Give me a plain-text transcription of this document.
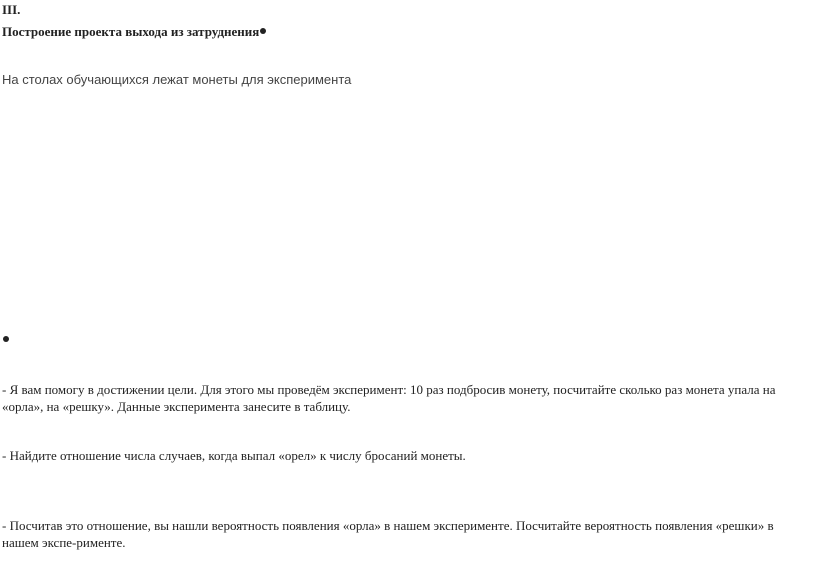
III.
Построение проекта выхода из затруднения
На столах обучающихся лежат монеты для эксперимента
- Я вам помогу в достижении цели. Для этого мы проведём эксперимент: 10 раз подбросив монету, посчитайте сколько раз монета упала на «орла», на «решку». Данные эксперимента занесите в таблицу.
- Найдите отношение числа случаев, когда выпал «орел» к числу бросаний монеты.
- Посчитав это отношение, вы нашли вероятность появления «орла» в нашем эксперименте. Посчитайте вероятность появления «решки» в нашем экспе-рименте.
